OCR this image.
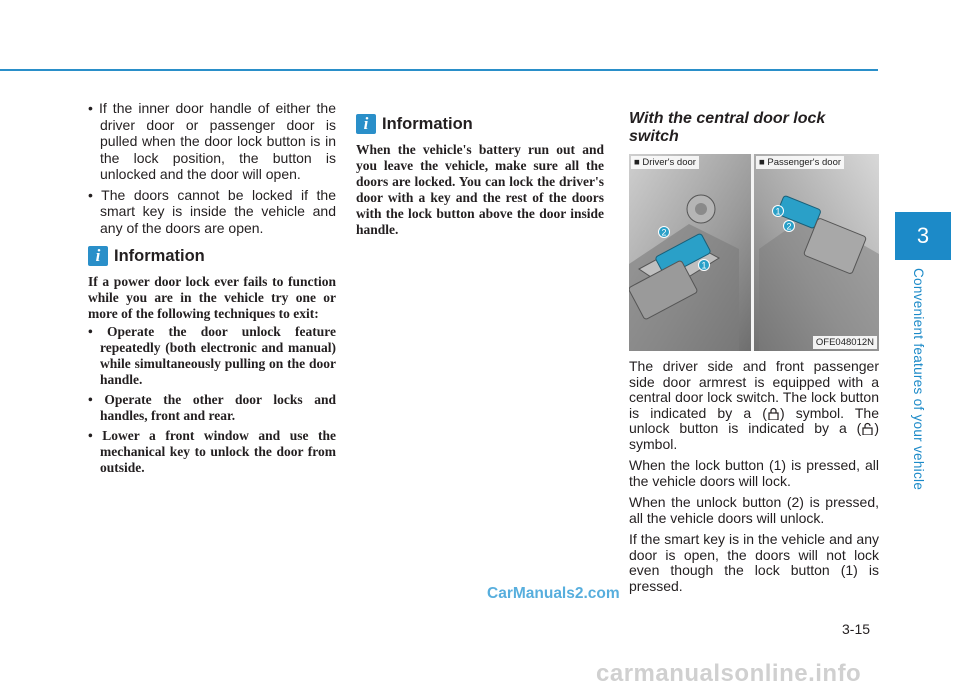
3
Convenient features of your vehicle
• If the inner door handle of either the driver door or passenger door is pulled when the door lock button is in the lock position, the button is unlocked and the door will open.
• The doors cannot be locked if the smart key is inside the vehicle and any of the doors are open.
i Information

If a power door lock ever fails to function while you are in the vehicle try one or more of the following techniques to exit:

• Operate the door unlock feature repeatedly (both electronic and manual) while simultaneously pulling on the door handle.
• Operate the other door locks and handles, front and rear.
• Lower a front window and use the mechanical key to unlock the door from outside.
i Information

When the vehicle's battery run out and you leave the vehicle, make sure all the doors are locked. You can lock the driver's door with a key and the rest of the doors with the lock button above the door inside handle.

With the central door lock switch
2
1
1
2
■ Driver's door	■ Passenger's door
OFE048012N

The driver side and front passenger side door armrest is equipped with a central door lock switch. The lock button is indicated by a ( ) symbol. The unlock button is indicated by a ( ) symbol.

When the lock button (1) is pressed, all the vehicle doors will lock.

When the unlock button (2) is pressed, all the vehicle doors will unlock.

If the smart key is in the vehicle and any door is open, the doors will not lock even though the lock button (1) is pressed.

3-15
CarManuals2.com
carmanualsonline.info
